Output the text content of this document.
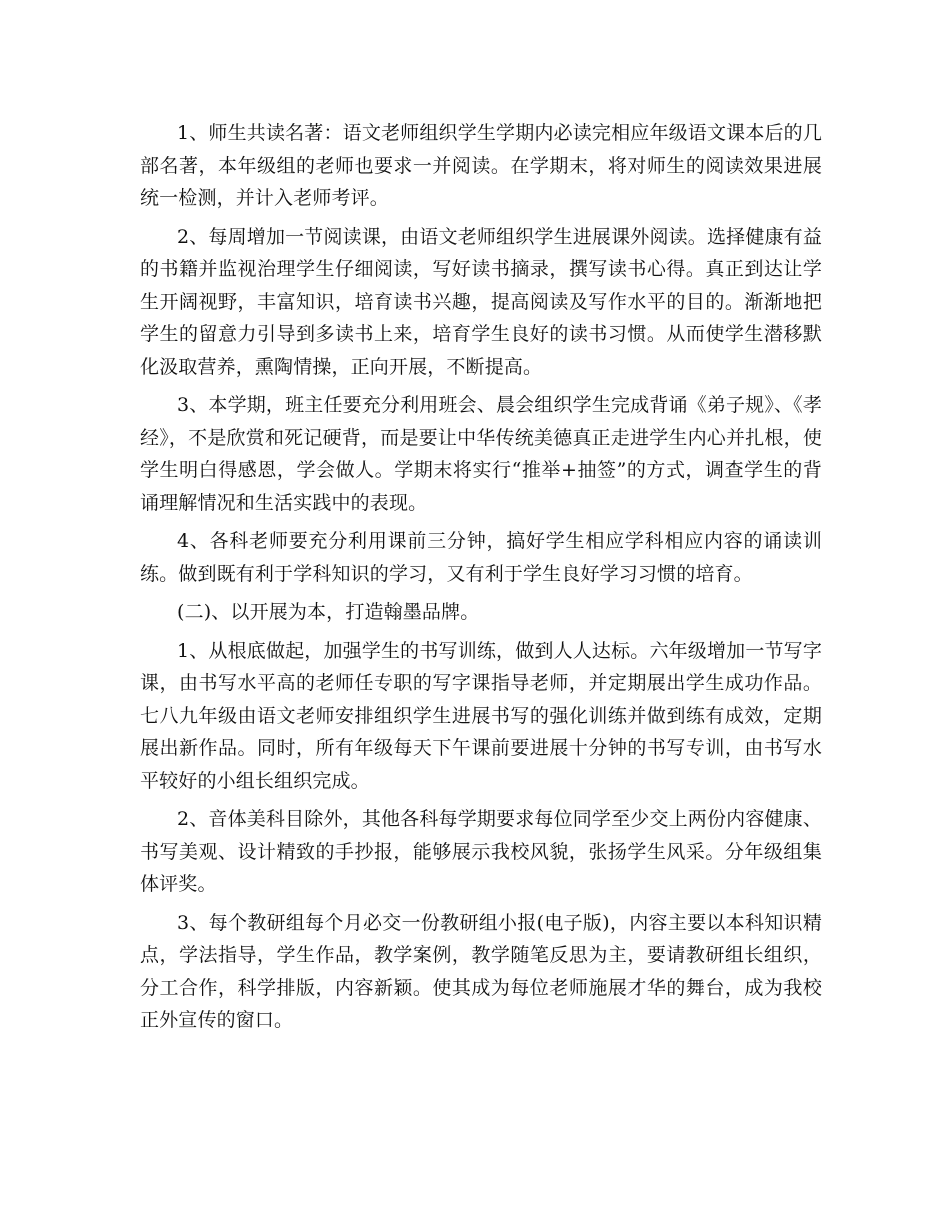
1、师生共读名著：语文老师组织学生学期内必读完相应年级语文课本后的几部名著，本年级组的老师也要求一并阅读。在学期末，将对师生的阅读效果进展统一检测，并计入老师考评。

2、每周增加一节阅读课，由语文老师组织学生进展课外阅读。选择健康有益的书籍并监视治理学生仔细阅读，写好读书摘录，撰写读书心得。真正到达让学生开阔视野，丰富知识，培育读书兴趣，提高阅读及写作水平的目的。渐渐地把学生的留意力引导到多读书上来，培育学生良好的读书习惯。从而使学生潜移默化汲取营养，熏陶情操，正向开展，不断提高。

3、本学期，班主任要充分利用班会、晨会组织学生完成背诵《弟子规》、《孝经》，不是欣赏和死记硬背，而是要让中华传统美德真正走进学生内心并扎根，使学生明白得感恩，学会做人。学期末将实行“推举+抽签”的方式，调查学生的背诵理解情况和生活实践中的表现。

4、各科老师要充分利用课前三分钟，搞好学生相应学科相应内容的诵读训练。做到既有利于学科知识的学习，又有利于学生良好学习习惯的培育。

(二)、以开展为本，打造翰墨品牌。

1、从根底做起，加强学生的书写训练，做到人人达标。六年级增加一节写字课，由书写水平高的老师任专职的写字课指导老师，并定期展出学生成功作品。七八九年级由语文老师安排组织学生进展书写的强化训练并做到练有成效，定期展出新作品。同时，所有年级每天下午课前要进展十分钟的书写专训，由书写水平较好的小组长组织完成。

2、音体美科目除外，其他各科每学期要求每位同学至少交上两份内容健康、书写美观、设计精致的手抄报，能够展示我校风貌，张扬学生风采。分年级组集体评奖。

3、每个教研组每个月必交一份教研组小报(电子版)，内容主要以本科知识精点，学法指导，学生作品，教学案例，教学随笔反思为主，要请教研组长组织，分工合作，科学排版，内容新颖。使其成为每位老师施展才华的舞台，成为我校正外宣传的窗口。
